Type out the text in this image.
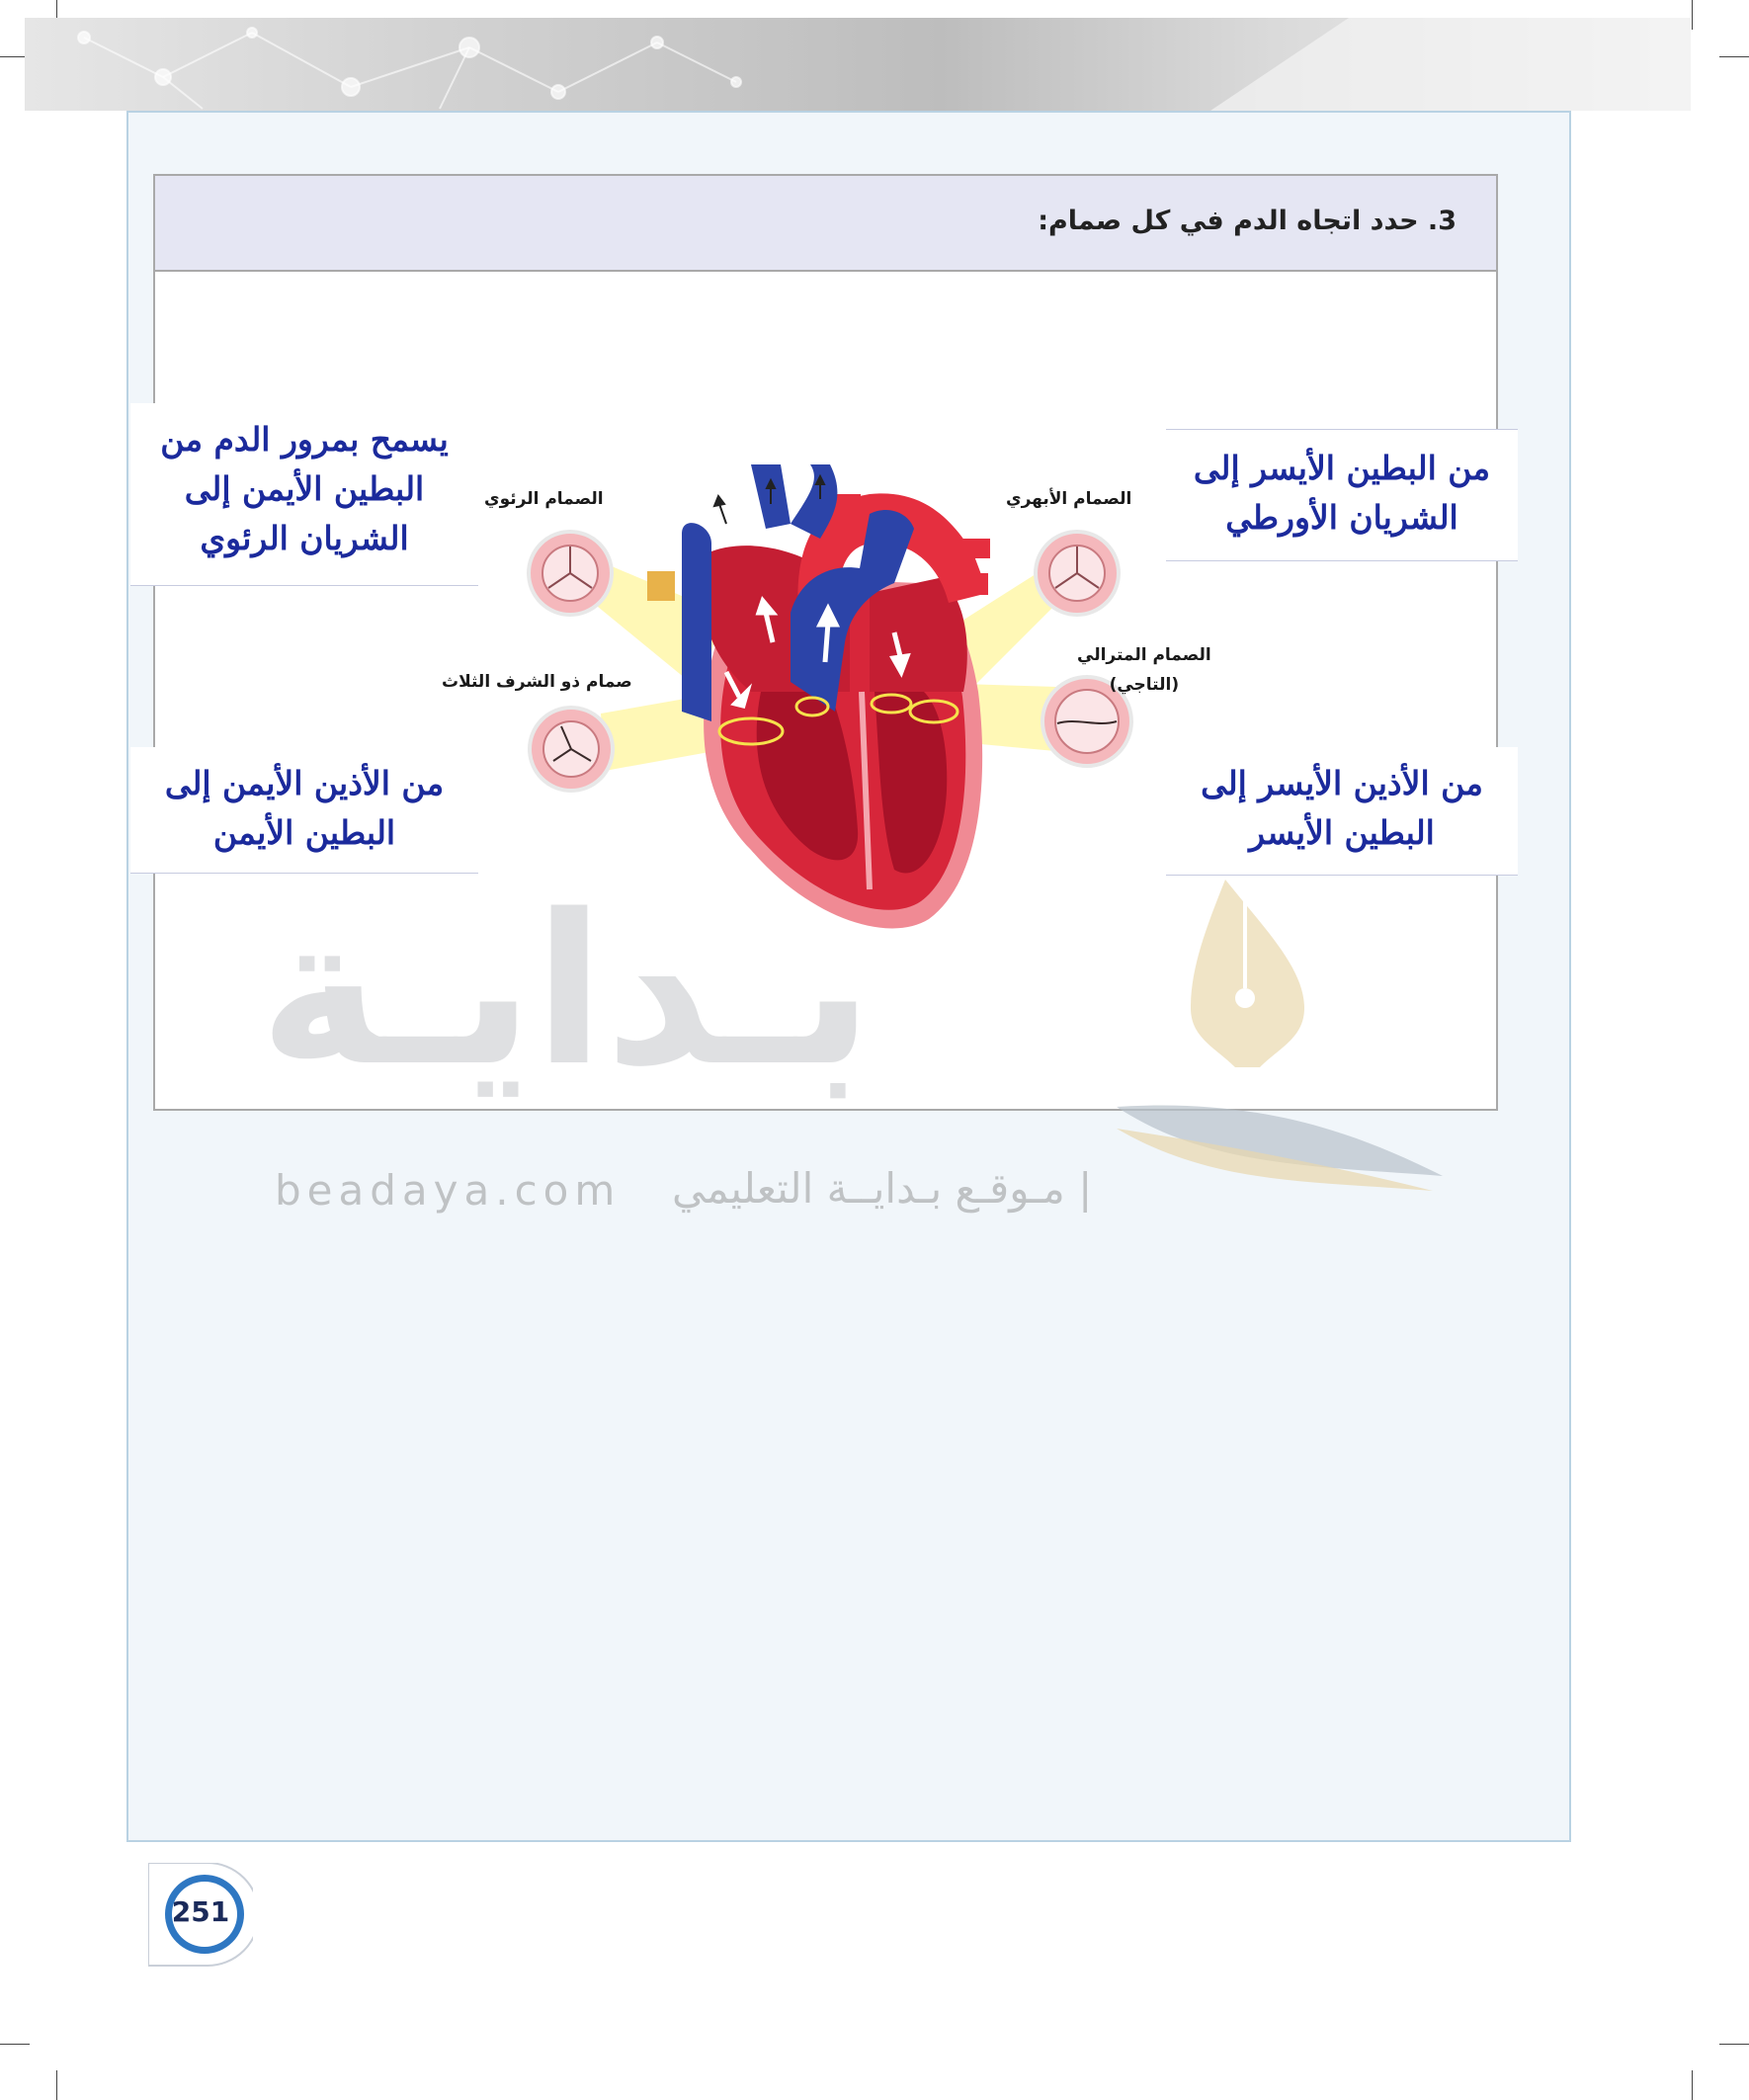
3. حدد اتجاه الدم في كل صمام:
الصمام الرئوي	الصمام الأبهري
صمام ذو الشرف الثلاث
الصمام المترالي
(التاجي)
يسمح بمرور الدم من
البطين الأيمن إلى
الشريان الرئوي
من البطين الأيسر إلى
الشريان الأورطي
من الأذين الأيمن إلى
البطين الأيمن
من الأذين الأيسر إلى
البطين الأيسر
بـدايـة
beadaya.com | مـوقـع بـدايــة التعليمي
251
